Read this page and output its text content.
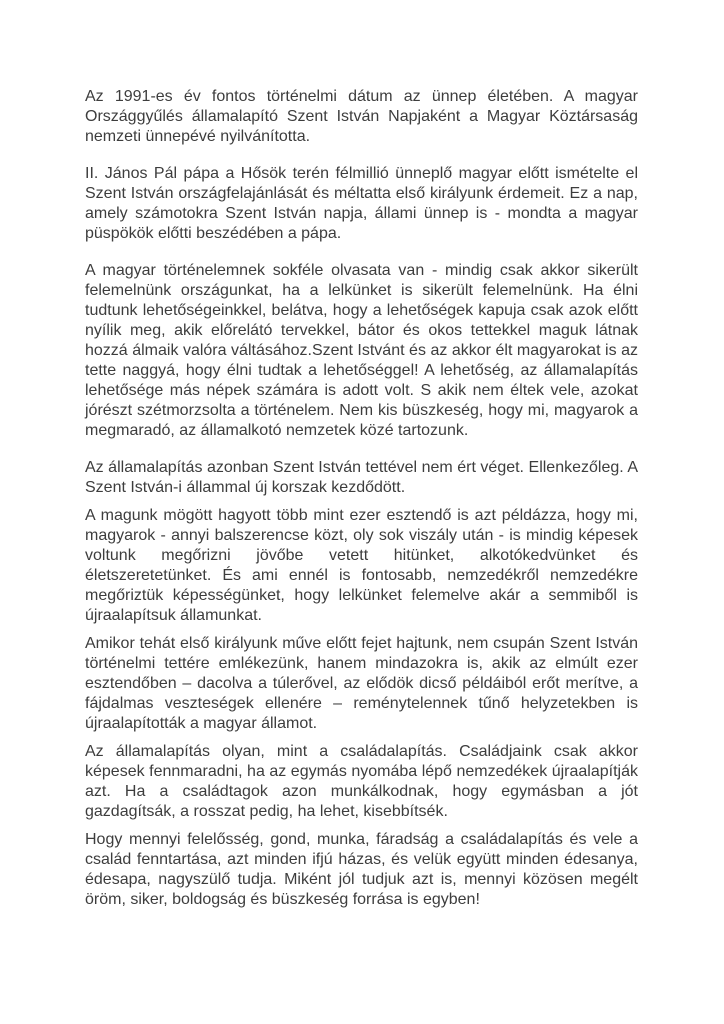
Az 1991-es év fontos történelmi dátum az ünnep életében. A magyar Országgyűlés államalapító Szent István Napjaként a Magyar Köztársaság nemzeti ünnepévé nyilvánította.

II. János Pál pápa a Hősök terén félmillió ünneplő magyar előtt ismételte el Szent István országfelajánlását és méltatta első királyunk érdemeit. Ez a nap, amely számotokra Szent István napja, állami ünnep is - mondta a magyar püspökök előtti beszédében a pápa.

A magyar történelemnek sokféle olvasata van - mindig csak akkor sikerült felemelnünk országunkat, ha a lelkünket is sikerült felemelnünk. Ha élni tudtunk lehetőségeinkkel, belátva, hogy a lehetőségek kapuja csak azok előtt nyílik meg, akik előrelátó tervekkel, bátor és okos tettekkel maguk látnak hozzá álmaik valóra váltásához.Szent Istvánt és az akkor élt magyarokat is az tette naggyá, hogy élni tudtak a lehetőséggel! A lehetőség, az államalapítás lehetősége más népek számára is adott volt. S akik nem éltek vele, azokat jórészt szétmorzsolta a történelem. Nem kis büszkeség, hogy mi, magyarok a megmaradó, az államalkotó nemzetek közé tartozunk.

Az államalapítás azonban Szent István tettével nem ért véget. Ellenkezőleg. A Szent István-i állammal új korszak kezdődött.

A magunk mögött hagyott több mint ezer esztendő is azt példázza, hogy mi, magyarok - annyi balszerencse közt, oly sok viszály után - is mindig képesek voltunk megőrizni jövőbe vetett hitünket, alkotókedvünket és életszeretetünket. És ami ennél is fontosabb, nemzedékről nemzedékre megőriztük képességünket, hogy lelkünket felemelve akár a semmiből is újraalapítsuk államunkat.

Amikor tehát első királyunk műve előtt fejet hajtunk, nem csupán Szent István történelmi tettére emlékezünk, hanem mindazokra is, akik az elmúlt ezer esztendőben – dacolva a túlerővel, az elődök dicső példáiból erőt merítve, a fájdalmas veszteségek ellenére – reménytelennek tűnő helyzetekben is újraalapították a magyar államot.

Az államalapítás olyan, mint a családalapítás. Családjaink csak akkor képesek fennmaradni, ha az egymás nyomába lépő nemzedékek újraalapítják azt. Ha a családtagok azon munkálkodnak, hogy egymásban a jót gazdagítsák, a rosszat pedig, ha lehet, kisebbítsék.

Hogy mennyi felelősség, gond, munka, fáradság a családalapítás és vele a család fenntartása, azt minden ifjú házas, és velük együtt minden édesanya, édesapa, nagyszülő tudja. Miként jól tudjuk azt is, mennyi közösen megélt öröm, siker, boldogság és büszkeség forrása is egyben!
